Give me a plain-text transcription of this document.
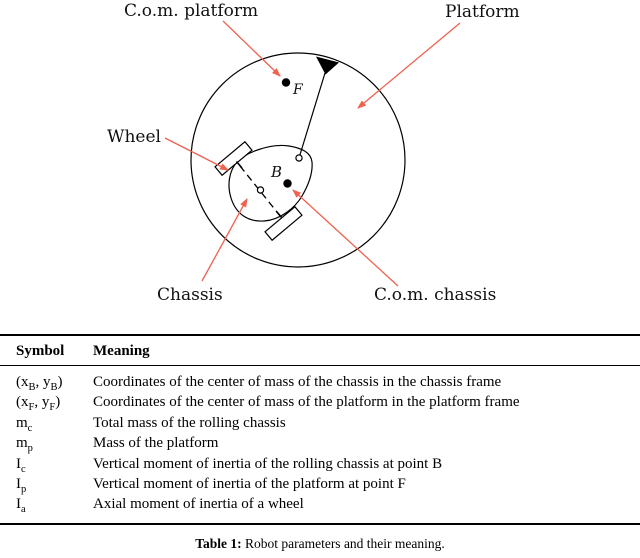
C.o.m. platform	Platform
Wheel
Chassis	C.o.m. chassis
F
B
Symbol	Meaning
($x_B$, $y_B$)	Coordinates of the center of mass of the chassis in the chassis frame
($x_F$, $y_F$)	Coordinates of the center of mass of the platform in the platform frame
$m_c$	Total mass of the rolling chassis
$m_p$	Mass of the platform
$I_c$	Vertical moment of inertia of the rolling chassis at point B
$I_p$	Vertical moment of inertia of the platform at point F
$I_a$	Axial moment of inertia of a wheel
Table 1: Robot parameters and their meaning.
